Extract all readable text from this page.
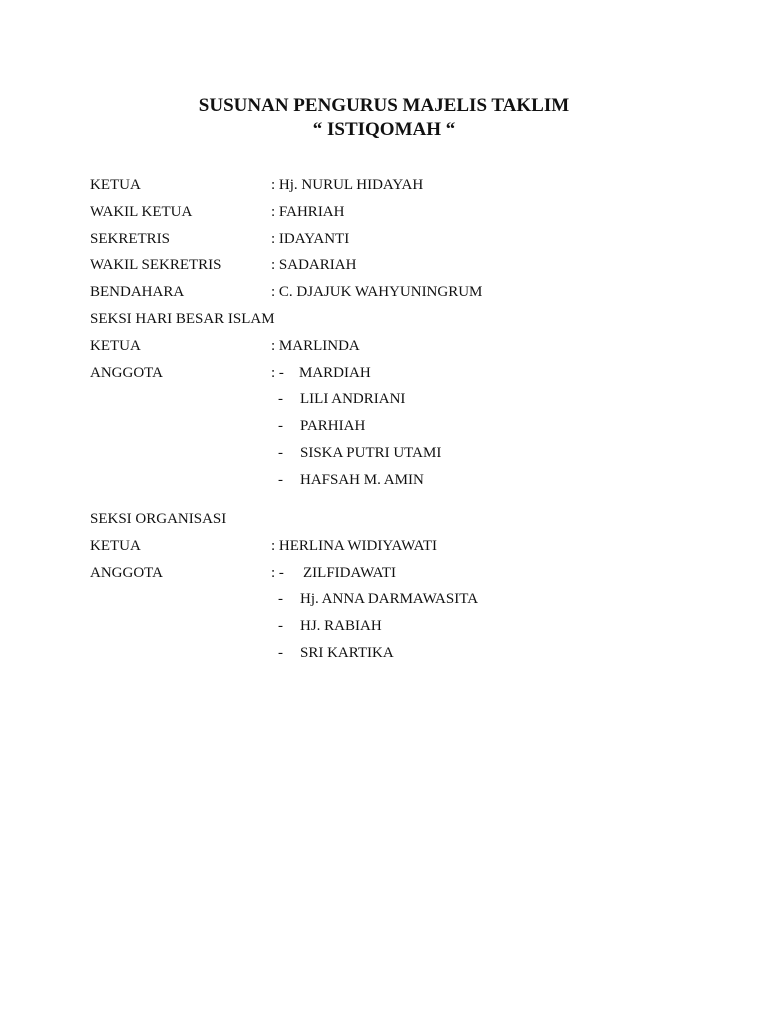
SUSUNAN PENGURUS MAJELIS TAKLIM
“ ISTIQOMAH “
KETUA	: Hj. NURUL HIDAYAH
WAKIL KETUA	: FAHRIAH
SEKRETRIS	: IDAYANTI
WAKIL SEKRETRIS	: SADARIAH
BENDAHARA	: C. DJAJUK WAHYUNINGRUM
SEKSI HARI BESAR ISLAM
KETUA	: MARLINDA
ANGGOTA	: - MARDIAH
-	LILI ANDRIANI
-	PARHIAH
-	SISKA PUTRI UTAMI
-	HAFSAH M. AMIN
SEKSI ORGANISASI
KETUA	: HERLINA WIDIYAWATI
ANGGOTA	: - ZILFIDAWATI
-	Hj. ANNA DARMAWASITA
-	HJ. RABIAH
-	SRI KARTIKA
